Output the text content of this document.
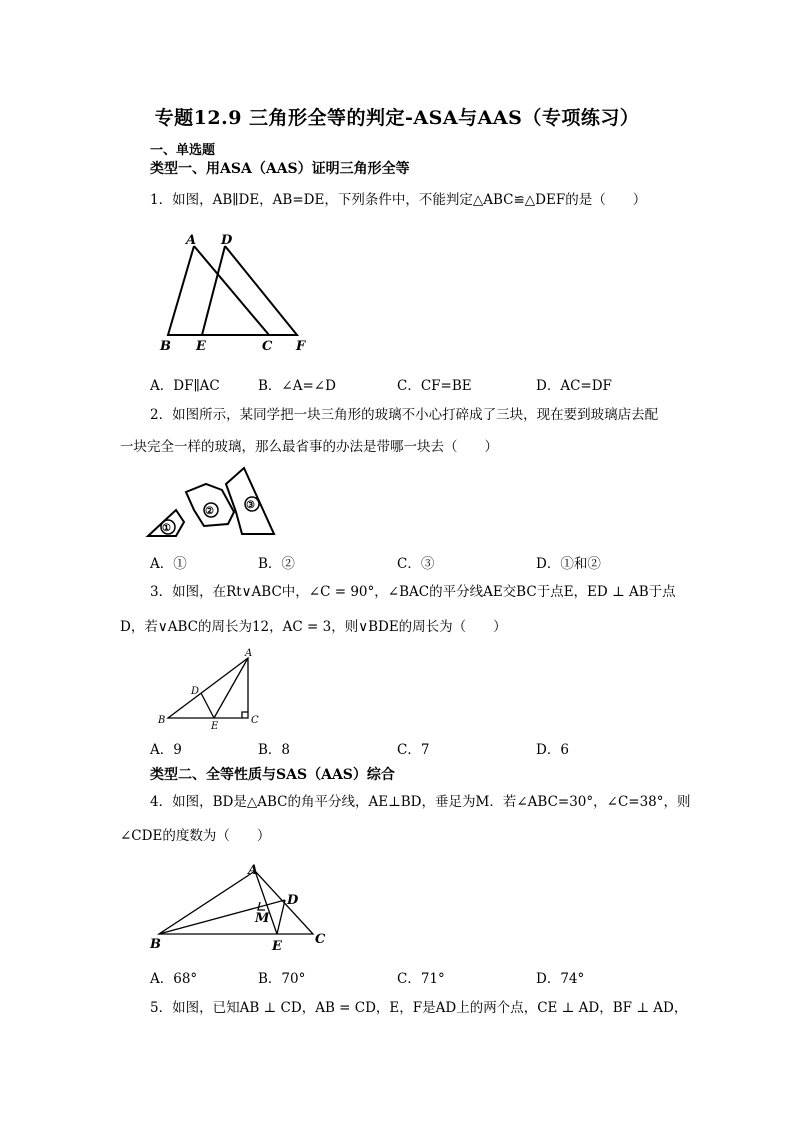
专题12.9 三角形全等的判定-ASA与AAS（专项练习）
一、单选题
类型一、用ASA（AAS）证明三角形全等
1．如图，AB∥DE，AB=DE，下列条件中，不能判定△ABC≌△DEF的是（　　）
A D
B E	C F
A．DF∥AC	B．∠A=∠D	C．CF=BE	D．AC=DF
2．如图所示，某同学把一块三角形的玻璃不小心打碎成了三块，现在要到玻璃店去配
一块完全一样的玻璃，那么最省事的办法是带哪一块去（　　）
①
②
③
A．①	B．②	C．③	D．①和②
3．如图，在Rt∨ABC中，∠C = 90°，∠BAC的平分线AE交BC于点E，ED ⊥ AB于点
D，若∨ABC的周长为12，AC = 3，则∨BDE的周长为（　　）
A
D
B
E
C
A．9	B．8	C．7	D．6
类型二、全等性质与SAS（AAS）综合
4．如图，BD是△ABC的角平分线，AE⊥BD，垂足为M．若∠ABC=30°，∠C=38°，则
∠CDE的度数为（　　）
A
D
M
B	E	C
A．68°	B．70°	C．71°	D．74°
5．如图，已知AB ⊥ CD，AB = CD，E，F是AD上的两个点，CE ⊥ AD，BF ⊥ AD，
